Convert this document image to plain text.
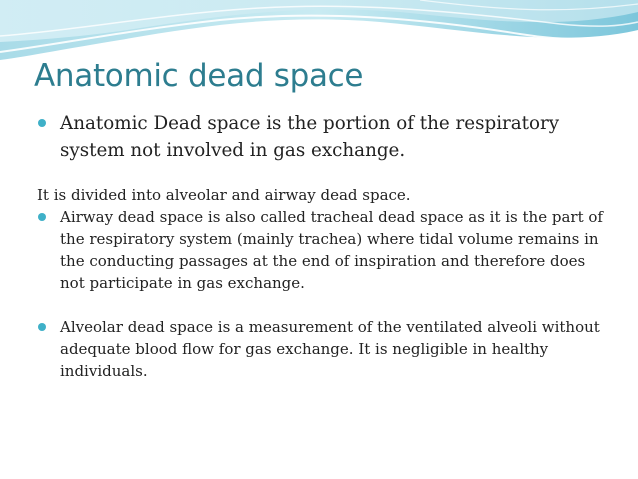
Anatomic dead space
Anatomic Dead space is the portion of the respiratory system not involved in gas exchange.
It is divided into alveolar and airway dead space.
Airway dead space is also called tracheal dead space as it is the part of the respiratory system (mainly trachea) where tidal volume remains in the conducting passages at the end of inspiration and therefore does not participate in gas exchange.
Alveolar dead space is a measurement of the ventilated alveoli without adequate blood flow for gas exchange. It is negligible in healthy individuals.
